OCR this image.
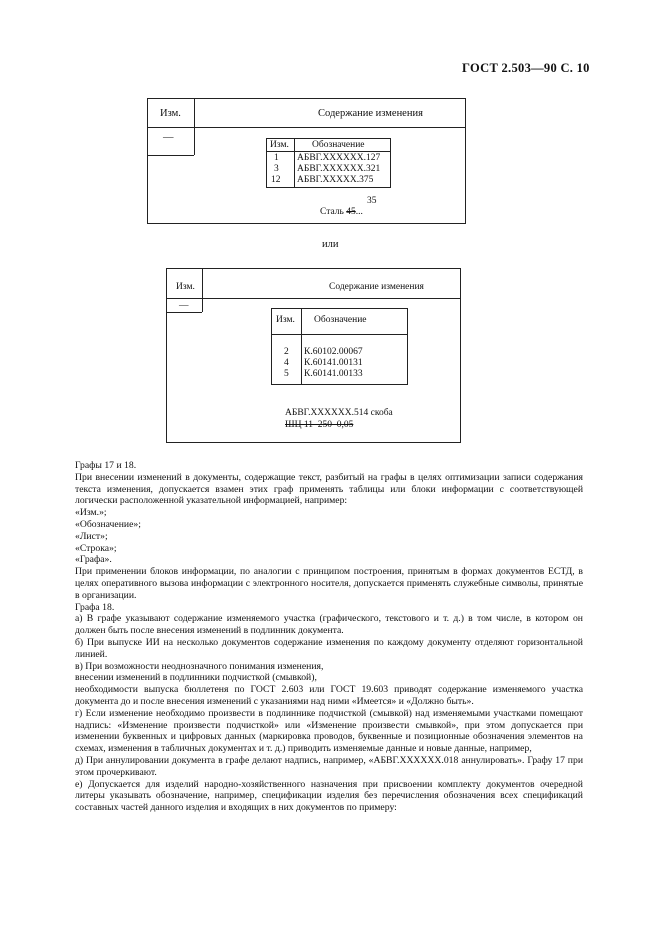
ГОСТ 2.503—90 С. 10
Изм.	Содержание изменения
—
Изм. Обозначение
1 АБВГ.ХХХХХХ.127
3 АБВГ.ХХХХХХ.321
12 АБВГ.ХХХХХ.375
35
Сталь 45...
или
Изм.	Содержание изменения
—
АБВГ.ХХХХХХ.514 скоба
ШЦ 11–250–0,05
Изм. Обозначение
2 К.60102.00067
4 К.60141.00131
5 К.60141.00133

Графы 17 и 18.

При внесении изменений в документы, содержащие текст, разбитый на графы в целях оптимизации записи содержания текста изменения, допускается взамен этих граф применять таблицы или блоки информации с соответствующей логически расположенной указательной информацией, например:

«Изм.»;

«Обозначение»;

«Лист»;

«Строка»;

«Графа».

При применении блоков информации, по аналогии с принципом построения, принятым в формах документов ЕСТД, в целях оперативного вызова информации с электронного носителя, допускается применять служебные символы, принятые в организации.

Графа 18.

а) В графе указывают содержание изменяемого участка (графического, текстового и т. д.) в том числе, в котором он должен быть после внесения изменений в подлинник документа.

б) При выпуске ИИ на несколько документов содержание изменения по каждому документу отделяют горизонтальной линией.

в) При возможности неоднозначного понимания изменения,

внесении изменений в подлинники подчисткой (смывкой),

необходимости выпуска бюллетеня по ГОСТ 2.603 или ГОСТ 19.603 приводят содержание изменяемого участка документа до и после внесения изменений с указаниями над ними «Имеется» и «Должно быть».

г) Если изменение необходимо произвести в подлиннике подчисткой (смывкой) над изменяемыми участками помещают надпись: «Изменение произвести подчисткой» или «Изменение произвести смывкой», при этом допускается при изменении буквенных и цифровых данных (маркировка проводов, буквенные и позиционные обозначения элементов на схемах, изменения в табличных документах и т. д.) приводить изменяемые данные и новые данные, например,

д) При аннулировании документа в графе делают надпись, например, «АБВГ.ХХХХХХ.018 аннулировать». Графу 17 при этом прочеркивают.

е) Допускается для изделий народно-хозяйственного назначения при присвоении комплекту документов очередной литеры указывать обозначение, например, спецификации изделия без перечисления обозначения всех спецификаций составных частей данного изделия и входящих в них документов по примеру:
